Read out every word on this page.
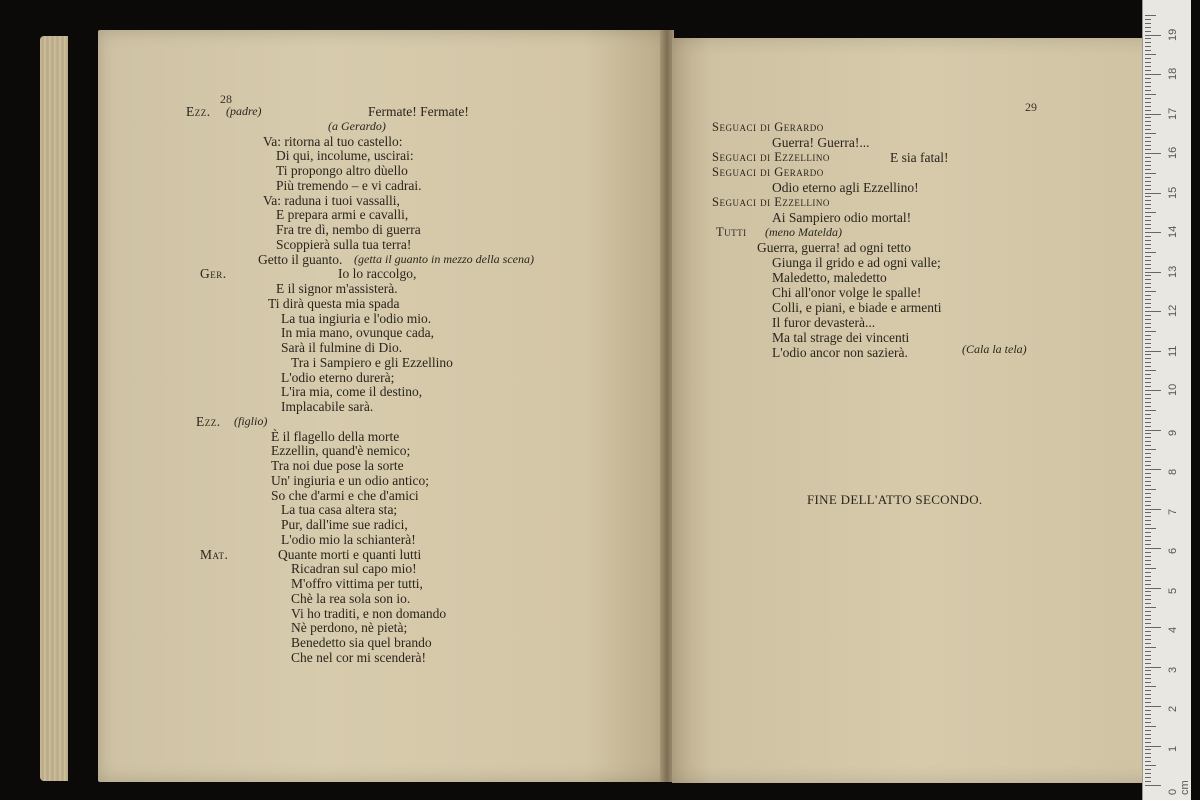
28
Ezz. (padre)	Fermate! Fermate!
(a Gerardo)
Va: ritorna al tuo castello:
Di qui, incolume, uscirai:
Ti propongo altro dùello
Più tremendo – e vi cadrai.
Va: raduna i tuoi vassalli,
E prepara armi e cavalli,
Fra tre dì, nembo di guerra
Scoppierà sulla tua terra!
Getto il guanto. (getta il guanto in mezzo della scena)
Ger.	Io lo raccolgo,
E il signor m'assisterà.
Ti dirà questa mia spada
La tua ingiuria e l'odio mio.
In mia mano, ovunque cada,
Sarà il fulmine di Dio.
Tra i Sampiero e gli Ezzellino
L'odio eterno durerà;
L'ira mia, come il destino,
Implacabile sarà.
Ezz. (figlio)
È il flagello della morte
Ezzellin, quand'è nemico;
Tra noi due pose la sorte
Un' ingiuria e un odio antico;
So che d'armi e che d'amici
La tua casa altera sta;
Pur, dall'ime sue radici,
L'odio mio la schianterà!
Mat.	Quante morti e quanti lutti
Ricadran sul capo mio!
M'offro vittima per tutti,
Chè la rea sola son io.
Vi ho traditi, e non domando
Nè perdono, nè pietà;
Benedetto sia quel brando
Che nel cor mi scenderà!
29
Seguaci di Gerardo
Guerra! Guerra!...
Seguaci di Ezzellino	E sia fatal!
Seguaci di Gerardo
Odio eterno agli Ezzellino!
Seguaci di Ezzellino
Ai Sampiero odio mortal!
Tutti (meno Matelda)
Guerra, guerra! ad ogni tetto
Giunga il grido e ad ogni valle;
Maledetto, maledetto
Chi all'onor volge le spalle!
Colli, e piani, e biade e armenti
Il furor devasterà...
Ma tal strage dei vincenti
L'odio ancor non sazierà.	(Cala la tela)
FINE DELL'ATTO SECONDO.
0 cm
1
2
3
4
5
6
7
8
9
10
11
12
13
14
15
16
17
18
19
